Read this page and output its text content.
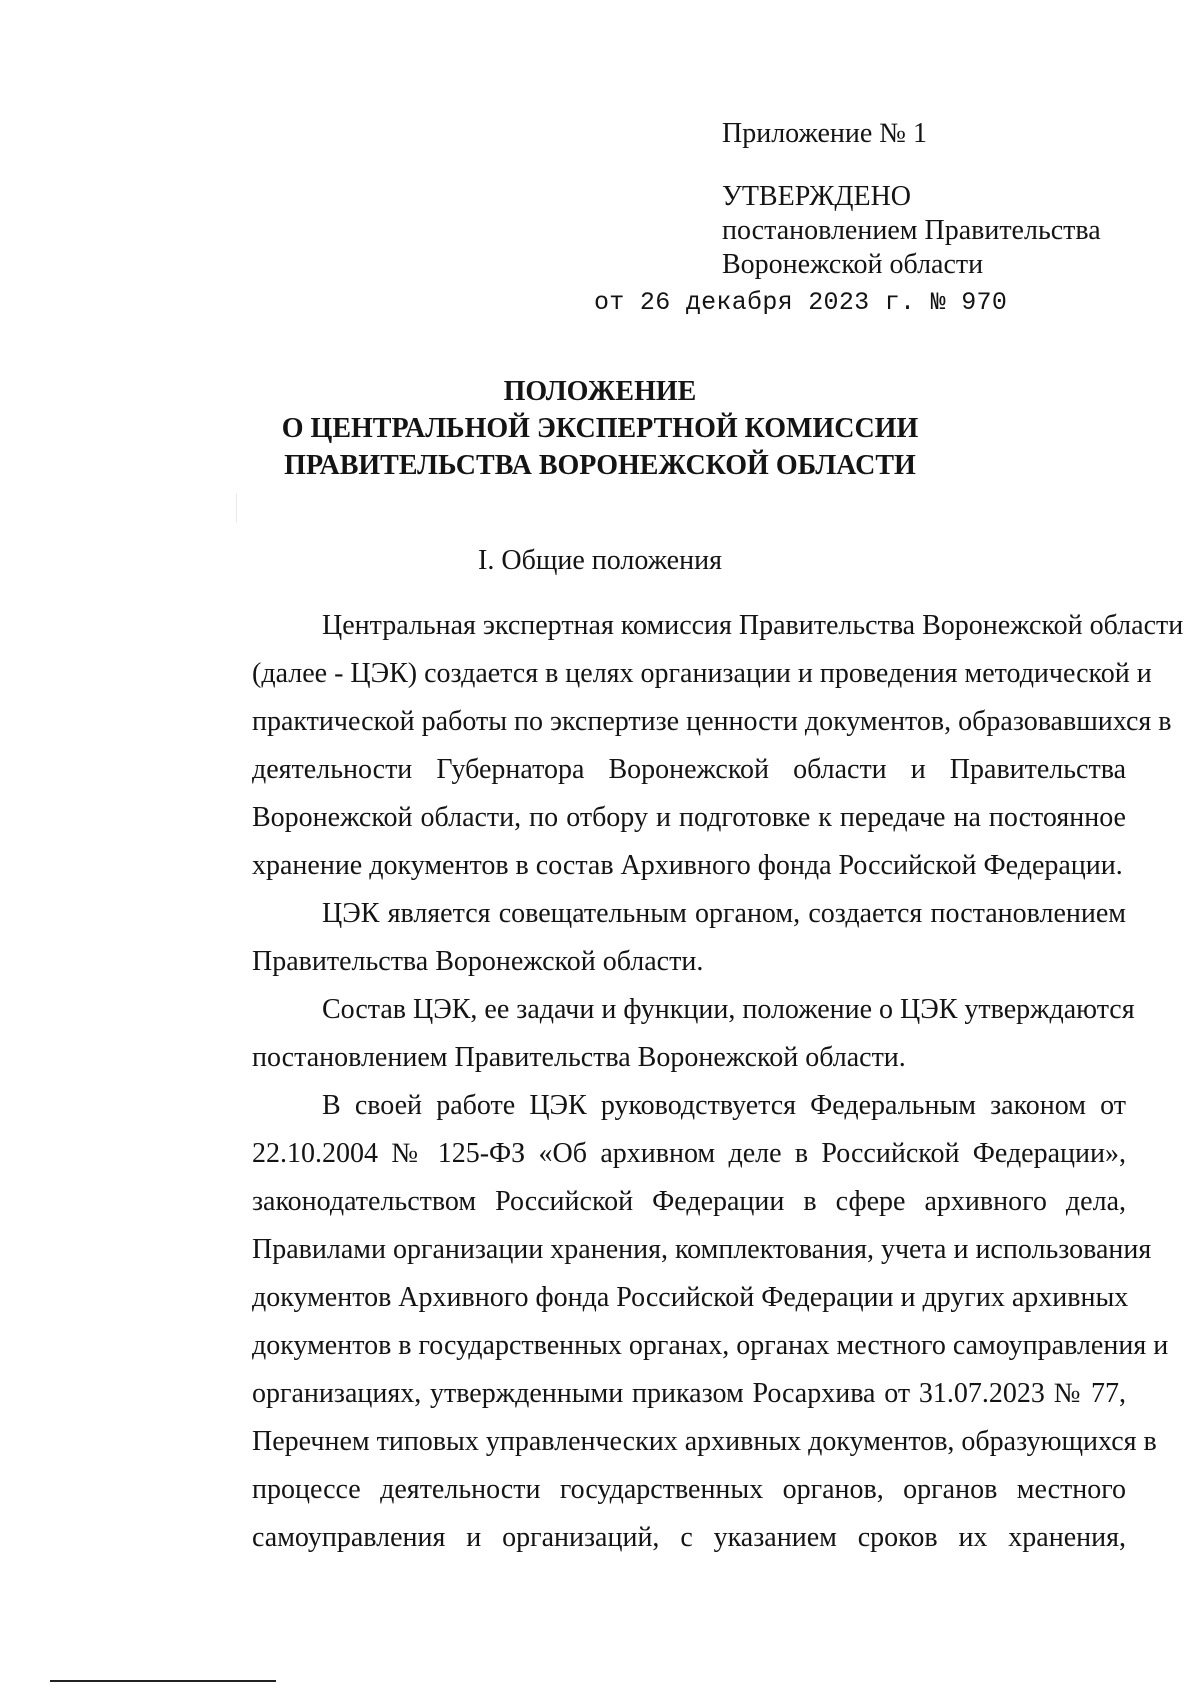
Приложение № 1
УТВЕРЖДЕНО
постановлением Правительства
Воронежской области
от 26 декабря 2023 г. № 970
ПОЛОЖЕНИЕ
О ЦЕНТРАЛЬНОЙ ЭКСПЕРТНОЙ КОМИССИИ
ПРАВИТЕЛЬСТВА ВОРОНЕЖСКОЙ ОБЛАСТИ
I. Общие положения
Центральная экспертная комиссия Правительства Воронежской области
(далее - ЦЭК) создается в целях организации и проведения методической и
практической работы по экспертизе ценности документов, образовавшихся в
деятельности Губернатора Воронежской области и Правительства
Воронежской области, по отбору и подготовке к передаче на постоянное
хранение документов в состав Архивного фонда Российской Федерации.
ЦЭК является совещательным органом, создается постановлением
Правительства Воронежской области.
Состав ЦЭК, ее задачи и функции, положение о ЦЭК утверждаются
постановлением Правительства Воронежской области.
В своей работе ЦЭК руководствуется Федеральным законом от
22.10.2004 № 125-ФЗ «Об архивном деле в Российской Федерации»,
законодательством Российской Федерации в сфере архивного дела,
Правилами организации хранения, комплектования, учета и использования
документов Архивного фонда Российской Федерации и других архивных
документов в государственных органах, органах местного самоуправления и
организациях, утвержденными приказом Росархива от 31.07.2023 № 77,
Перечнем типовых управленческих архивных документов, образующихся в
процессе деятельности государственных органов, органов местного
самоуправления и организаций, с указанием сроков их хранения,
